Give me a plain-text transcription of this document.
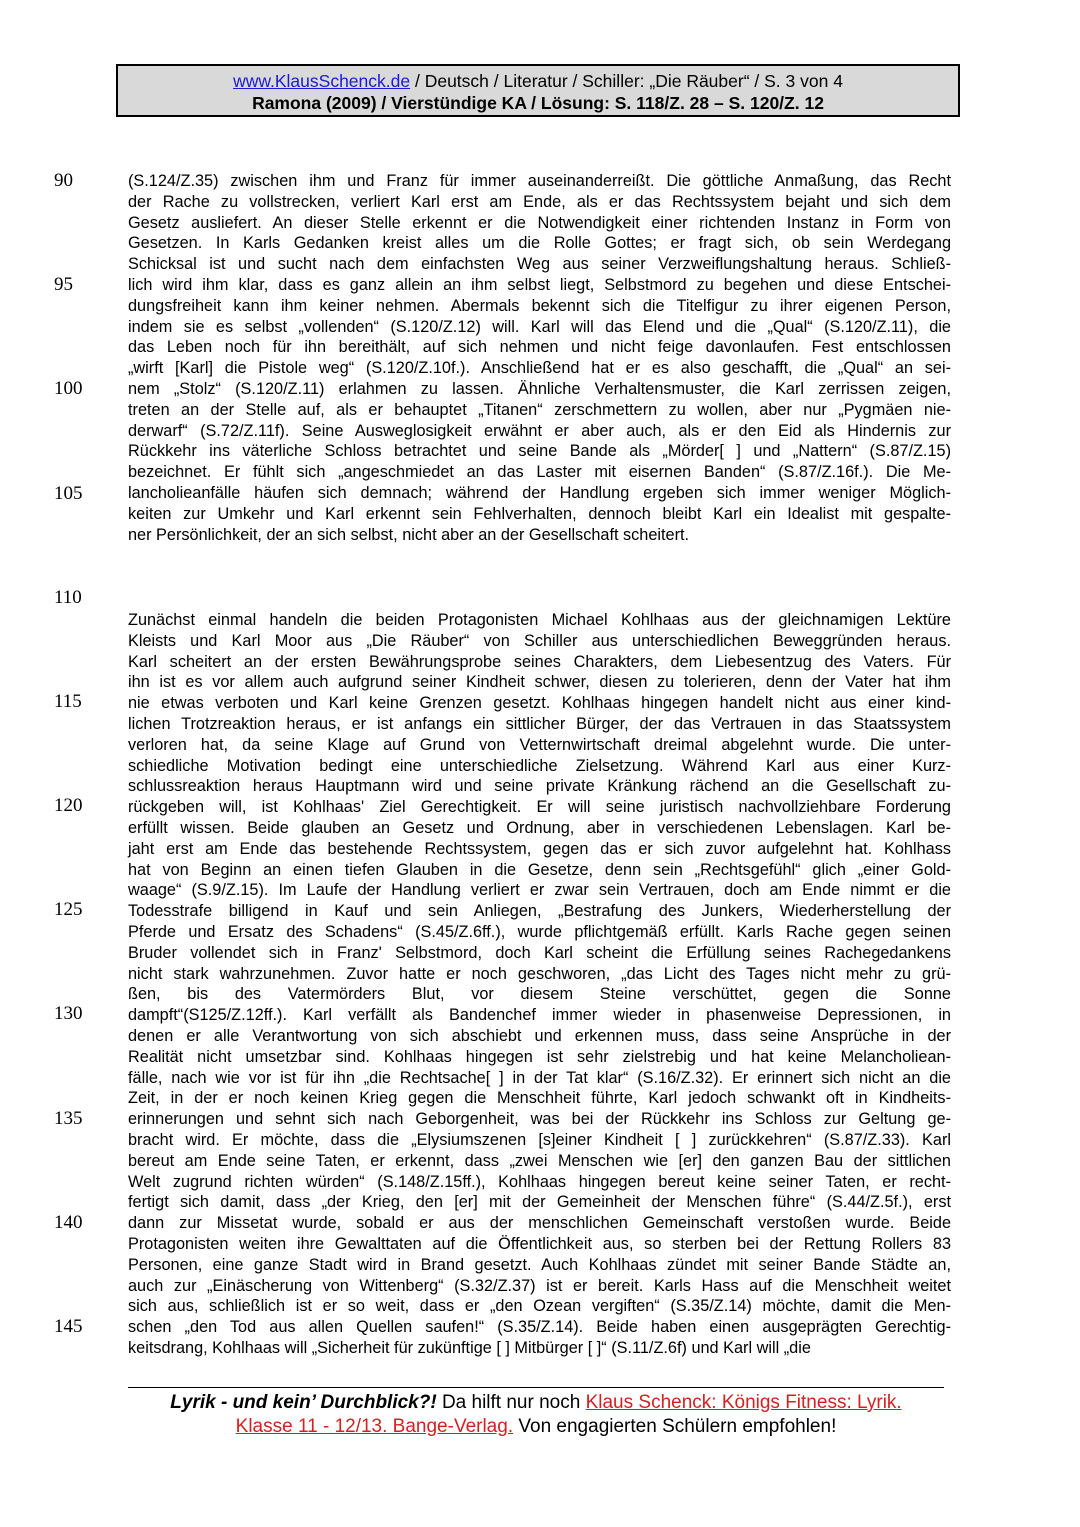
www.KlausSchenck.de / Deutsch / Literatur / Schiller: „Die Räuber“ / S. 3 von 4
Ramona (2009) / Vierstündige KA / Lösung: S. 118/Z. 28 – S. 120/Z. 12
90
95
100
105
110
115
120
125
130
135
140
145
(S.124/Z.35) zwischen ihm und Franz für immer auseinanderreißt. Die göttliche Anmaßung, das Recht
der Rache zu vollstrecken, verliert Karl erst am Ende, als er das Rechtssystem bejaht und sich dem
Gesetz ausliefert. An dieser Stelle erkennt er die Notwendigkeit einer richtenden Instanz in Form von
Gesetzen. In Karls Gedanken kreist alles um die Rolle Gottes; er fragt sich, ob sein Werdegang
Schicksal ist und sucht nach dem einfachsten Weg aus seiner Verzweiflungshaltung heraus. Schließ-
lich wird ihm klar, dass es ganz allein an ihm selbst liegt, Selbstmord zu begehen und diese Entschei-
dungsfreiheit kann ihm keiner nehmen. Abermals bekennt sich die Titelfigur zu ihrer eigenen Person,
indem sie es selbst „vollenden“ (S.120/Z.12) will. Karl will das Elend und die „Qual“ (S.120/Z.11), die
das Leben noch für ihn bereithält, auf sich nehmen und nicht feige davonlaufen. Fest entschlossen
„wirft [Karl] die Pistole weg“ (S.120/Z.10f.). Anschließend hat er es also geschafft, die „Qual“ an sei-
nem „Stolz“ (S.120/Z.11) erlahmen zu lassen. Ähnliche Verhaltensmuster, die Karl zerrissen zeigen,
treten an der Stelle auf, als er behauptet „Titanen“ zerschmettern zu wollen, aber nur „Pygmäen nie-
derwarf“ (S.72/Z.11f). Seine Ausweglosigkeit erwähnt er aber auch, als er den Eid als Hindernis zur
Rückkehr ins väterliche Schloss betrachtet und seine Bande als „Mörder[ ] und „Nattern“ (S.87/Z.15)
bezeichnet. Er fühlt sich „angeschmiedet an das Laster mit eisernen Banden“ (S.87/Z.16f.). Die Me-
lancholieanfälle häufen sich demnach; während der Handlung ergeben sich immer weniger Möglich-
keiten zur Umkehr und Karl erkennt sein Fehlverhalten, dennoch bleibt Karl ein Idealist mit gespalte-
ner Persönlichkeit, der an sich selbst, nicht aber an der Gesellschaft scheitert.
Zunächst einmal handeln die beiden Protagonisten Michael Kohlhaas aus der gleichnamigen Lektüre
Kleists und Karl Moor aus „Die Räuber“ von Schiller aus unterschiedlichen Beweggründen heraus.
Karl scheitert an der ersten Bewährungsprobe seines Charakters, dem Liebesentzug des Vaters. Für
ihn ist es vor allem auch aufgrund seiner Kindheit schwer, diesen zu tolerieren, denn der Vater hat ihm
nie etwas verboten und Karl keine Grenzen gesetzt. Kohlhaas hingegen handelt nicht aus einer kind-
lichen Trotzreaktion heraus, er ist anfangs ein sittlicher Bürger, der das Vertrauen in das Staatssystem
verloren hat, da seine Klage auf Grund von Vetternwirtschaft dreimal abgelehnt wurde. Die unter-
schiedliche Motivation bedingt eine unterschiedliche Zielsetzung. Während Karl aus einer Kurz-
schlussreaktion heraus Hauptmann wird und seine private Kränkung rächend an die Gesellschaft zu-
rückgeben will, ist Kohlhaas' Ziel Gerechtigkeit. Er will seine juristisch nachvollziehbare Forderung
erfüllt wissen. Beide glauben an Gesetz und Ordnung, aber in verschiedenen Lebenslagen. Karl be-
jaht erst am Ende das bestehende Rechtssystem, gegen das er sich zuvor aufgelehnt hat. Kohlhass
hat von Beginn an einen tiefen Glauben in die Gesetze, denn sein „Rechtsgefühl“ glich „einer Gold-
waage“ (S.9/Z.15). Im Laufe der Handlung verliert er zwar sein Vertrauen, doch am Ende nimmt er die
Todesstrafe billigend in Kauf und sein Anliegen, „Bestrafung des Junkers, Wiederherstellung der
Pferde und Ersatz des Schadens“ (S.45/Z.6ff.), wurde pflichtgemäß erfüllt. Karls Rache gegen seinen
Bruder vollendet sich in Franz' Selbstmord, doch Karl scheint die Erfüllung seines Rachegedankens
nicht stark wahrzunehmen. Zuvor hatte er noch geschworen, „das Licht des Tages nicht mehr zu grü-
ßen, bis des Vatermörders Blut, vor diesem Steine verschüttet, gegen die Sonne
dampft“(S125/Z.12ff.). Karl verfällt als Bandenchef immer wieder in phasenweise Depressionen, in
denen er alle Verantwortung von sich abschiebt und erkennen muss, dass seine Ansprüche in der
Realität nicht umsetzbar sind. Kohlhaas hingegen ist sehr zielstrebig und hat keine Melancholiean-
fälle, nach wie vor ist für ihn „die Rechtsache[ ] in der Tat klar“ (S.16/Z.32). Er erinnert sich nicht an die
Zeit, in der er noch keinen Krieg gegen die Menschheit führte, Karl jedoch schwankt oft in Kindheits-
erinnerungen und sehnt sich nach Geborgenheit, was bei der Rückkehr ins Schloss zur Geltung ge-
bracht wird. Er möchte, dass die „Elysiumszenen [s]einer Kindheit [ ] zurückkehren“ (S.87/Z.33). Karl
bereut am Ende seine Taten, er erkennt, dass „zwei Menschen wie [er] den ganzen Bau der sittlichen
Welt zugrund richten würden“ (S.148/Z.15ff.), Kohlhaas hingegen bereut keine seiner Taten, er recht-
fertigt sich damit, dass „der Krieg, den [er] mit der Gemeinheit der Menschen führe“ (S.44/Z.5f.), erst
dann zur Missetat wurde, sobald er aus der menschlichen Gemeinschaft verstoßen wurde. Beide
Protagonisten weiten ihre Gewalttaten auf die Öffentlichkeit aus, so sterben bei der Rettung Rollers 83
Personen, eine ganze Stadt wird in Brand gesetzt. Auch Kohlhaas zündet mit seiner Bande Städte an,
auch zur „Einäscherung von Wittenberg“ (S.32/Z.37) ist er bereit. Karls Hass auf die Menschheit weitet
sich aus, schließlich ist er so weit, dass er „den Ozean vergiften“ (S.35/Z.14) möchte, damit die Men-
schen „den Tod aus allen Quellen saufen!“ (S.35/Z.14). Beide haben einen ausgeprägten Gerechtig-
keitsdrang, Kohlhaas will „Sicherheit für zukünftige [ ] Mitbürger [ ]“ (S.11/Z.6f) und Karl will „die
Lyrik - und kein’ Durchblick?! Da hilft nur noch Klaus Schenck: Königs Fitness: Lyrik.
Klasse 11 - 12/13. Bange-Verlag. Von engagierten Schülern empfohlen!
